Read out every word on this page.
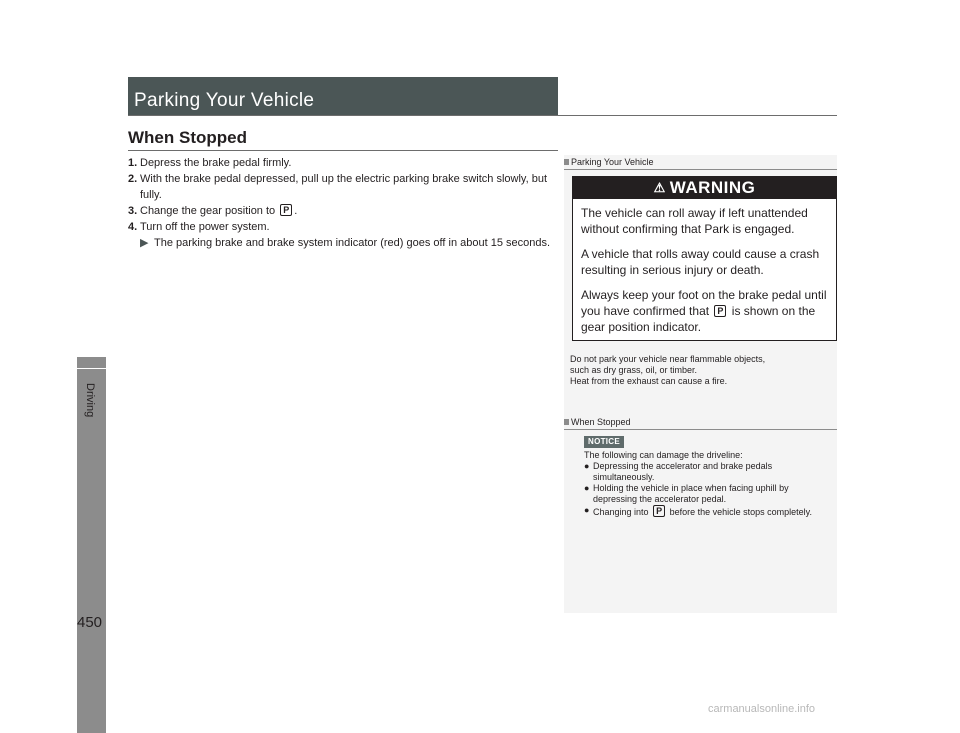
Driving
450
Parking Your Vehicle
When Stopped
1. Depress the brake pedal firmly.
2. With the brake pedal depressed, pull up the electric parking brake switch slowly, but fully.
3. Change the gear position to P .
4. Turn off the power system.
▶ The parking brake and brake system indicator (red) goes off in about 15 seconds.
Parking Your Vehicle
⚠ WARNING

The vehicle can roll away if left unattended without confirming that Park is engaged.

A vehicle that rolls away could cause a crash resulting in serious injury or death.

Always keep your foot on the brake pedal until you have confirmed that P is shown on the gear position indicator.

Do not park your vehicle near flammable objects,
such as dry grass, oil, or timber.
Heat from the exhaust can cause a fire.
When Stopped
NOTICE
The following can damage the driveline:
● Depressing the accelerator and brake pedals simultaneously.
● Holding the vehicle in place when facing uphill by depressing the accelerator pedal.
● Changing into P before the vehicle stops completely.
carmanualsonline.info
